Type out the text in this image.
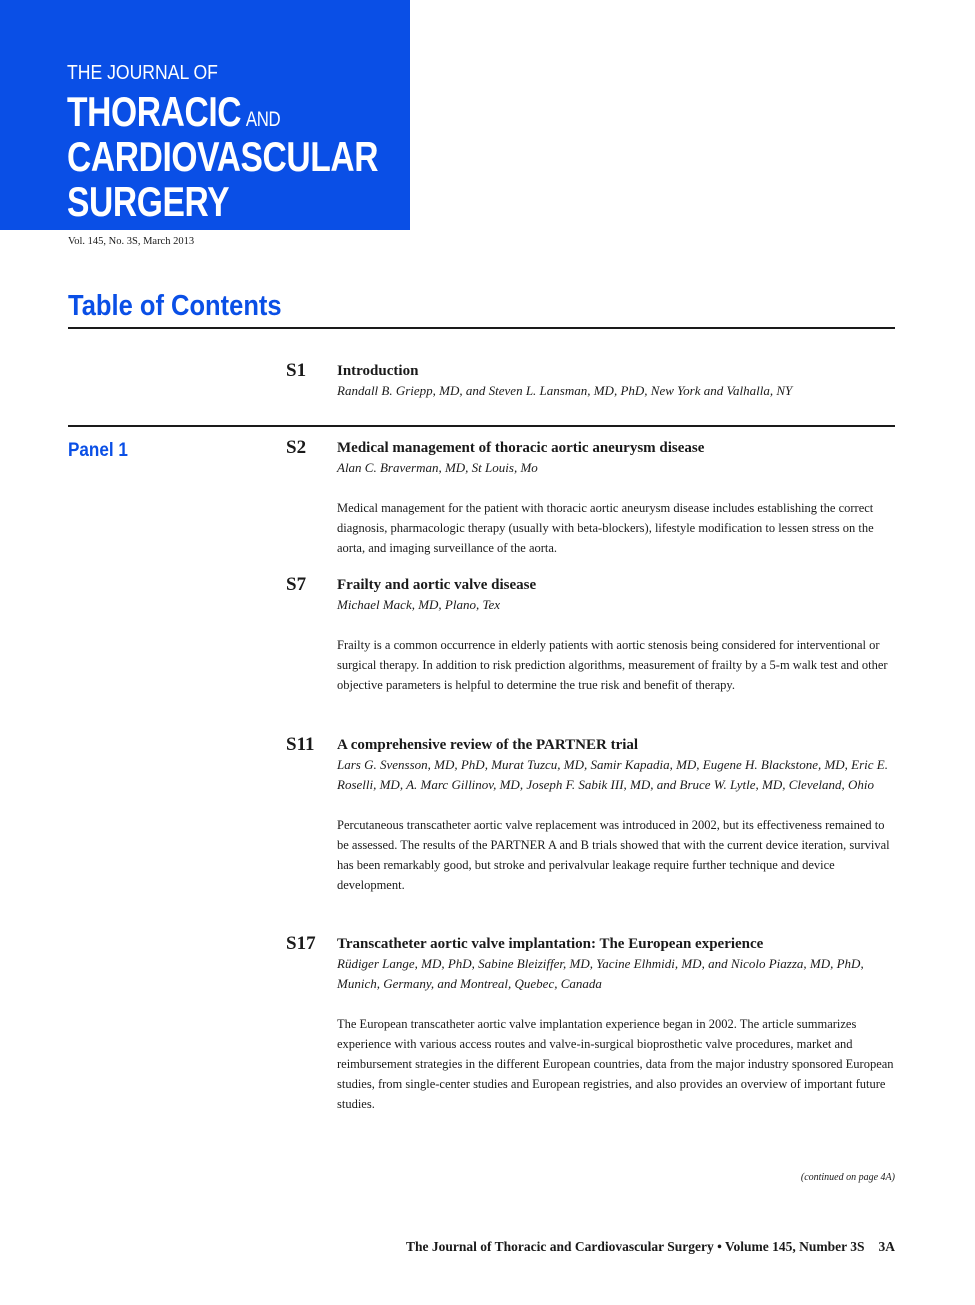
THE JOURNAL OF
THORACIC AND
CARDIOVASCULAR
SURGERY
Vol. 145, No. 3S, March 2013
Table of Contents
S1 Introduction
Randall B. Griepp, MD, and Steven L. Lansman, MD, PhD, New York and Valhalla, NY
Panel 1	S2 Medical management of thoracic aortic aneurysm disease
Alan C. Braverman, MD, St Louis, Mo
Medical management for the patient with thoracic aortic aneurysm disease includes establishing the correct diagnosis, pharmacologic therapy (usually with beta-blockers), lifestyle modification to lessen stress on the aorta, and imaging surveillance of the aorta.
S7 Frailty and aortic valve disease
Michael Mack, MD, Plano, Tex
Frailty is a common occurrence in elderly patients with aortic stenosis being considered for interventional or surgical therapy. In addition to risk prediction algorithms, measurement of frailty by a 5-m walk test and other objective parameters is helpful to determine the true risk and benefit of therapy.
S11 A comprehensive review of the PARTNER trial
Lars G. Svensson, MD, PhD, Murat Tuzcu, MD, Samir Kapadia, MD, Eugene H. Blackstone, MD, Eric E. Roselli, MD, A. Marc Gillinov, MD, Joseph F. Sabik III, MD, and Bruce W. Lytle, MD, Cleveland, Ohio
Percutaneous transcatheter aortic valve replacement was introduced in 2002, but its effectiveness remained to be assessed. The results of the PARTNER A and B trials showed that with the current device iteration, survival has been remarkably good, but stroke and perivalvular leakage require further technique and device development.
S17 Transcatheter aortic valve implantation: The European experience
Rüdiger Lange, MD, PhD, Sabine Bleiziffer, MD, Yacine Elhmidi, MD, and Nicolo Piazza, MD, PhD, Munich, Germany, and Montreal, Quebec, Canada
The European transcatheter aortic valve implantation experience began in 2002. The article summarizes experience with various access routes and valve-in-surgical bioprosthetic valve procedures, market and reimbursement strategies in the different European countries, data from the major industry sponsored European studies, from single-center studies and European registries, and also provides an overview of important future studies.
(continued on page 4A)
The Journal of Thoracic and Cardiovascular Surgery • Volume 145, Number 3S 3A
